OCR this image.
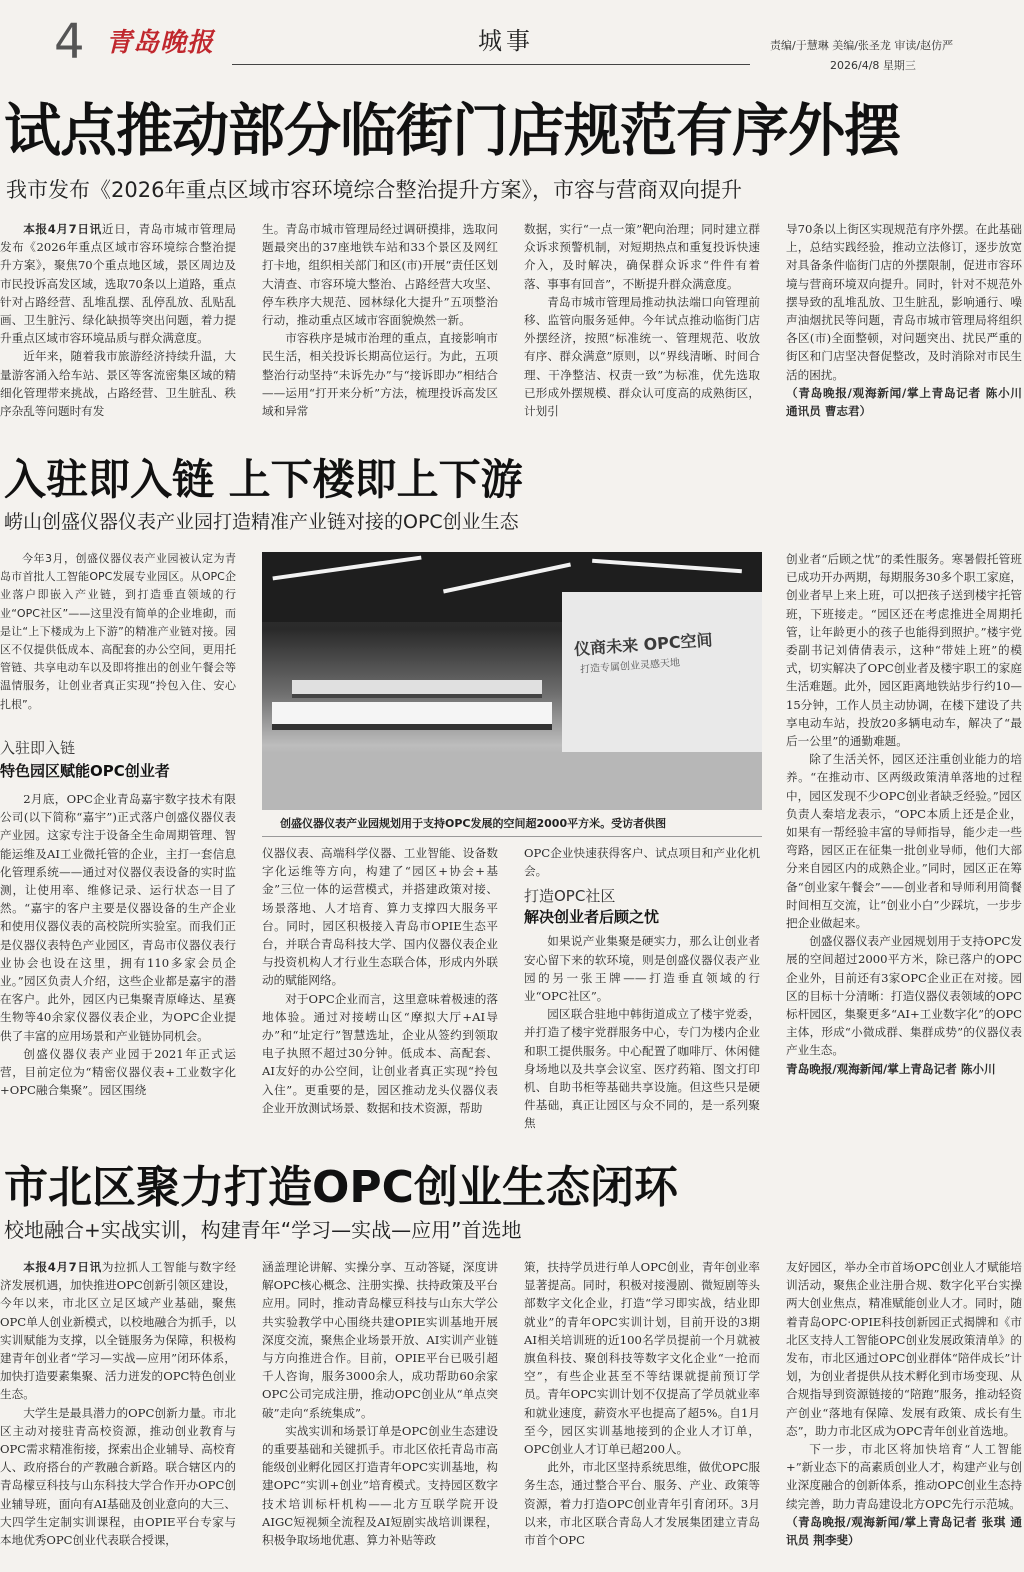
4 青岛晚报	城事	责编/于慧琳 美编/张圣龙 审读/赵仿严
2026/4/8 星期三
试点推动部分临街门店规范有序外摆
我市发布《2026年重点区域市容环境综合整治提升方案》，市容与营商双向提升

本报4月7日讯近日，青岛市城市管理局发布《2026年重点区域市容环境综合整治提升方案》，聚焦70个重点地区域，景区周边及市民投诉高发区域，选取70条以上道路，重点针对占路经营、乱堆乱摆、乱停乱放、乱贴乱画、卫生脏污、绿化缺损等突出问题，着力提升重点区域市容环境品质与群众满意度。

近年来，随着我市旅游经济持续升温，大量游客涌入给车站、景区等客流密集区域的精细化管理带来挑战，占路经营、卫生脏乱、秩序杂乱等问题时有发

生。青岛市城市管理局经过调研摸排，选取问题最突出的37座地铁车站和33个景区及网红打卡地，组织相关部门和区(市)开展“责任区划大清查、市容环境大整治、占路经营大攻坚、停车秩序大规范、园林绿化大提升”五项整治行动，推动重点区域市容面貌焕然一新。

市容秩序是城市治理的重点，直接影响市民生活，相关投诉长期高位运行。为此，五项整治行动坚持“未诉先办”与“接诉即办”相结合——运用“打开来分析”方法，梳理投诉高发区域和异常

数据，实行“一点一策”靶向治理；同时建立群众诉求预警机制，对短期热点和重复投诉快速介入，及时解决，确保群众诉求“件件有着落、事事有回音”，不断提升群众满意度。

青岛市城市管理局推动执法端口向管理前移、监管向服务延伸。今年试点推动临街门店外摆经济，按照“标准统一、管理规范、收放有序、群众满意”原则，以“界线清晰、时间合理、干净整洁、权责一致”为标准，优先选取已形成外摆规模、群众认可度高的成熟街区，计划引

导70条以上街区实现规范有序外摆。在此基础上，总结实践经验，推动立法修订，逐步放宽对具备条件临街门店的外摆限制，促进市容环境与营商环境双向提升。同时，针对不规范外摆导致的乱堆乱放、卫生脏乱，影响通行、噪声油烟扰民等问题，青岛市城市管理局将组织各区(市)全面整顿，对问题突出、扰民严重的街区和门店坚决督促整改，及时消除对市民生活的困扰。

（青岛晚报/观海新闻/掌上青岛记者 陈小川 通讯员 曹志君）

入驻即入链 上下楼即上下游
崂山创盛仪器仪表产业园打造精准产业链对接的OPC创业生态

今年3月，创盛仪器仪表产业园被认定为青岛市首批人工智能OPC发展专业园区。从OPC企业落户即嵌入产业链，到打造垂直领域的行业“OPC社区”——这里没有简单的企业堆砌，而是让“上下楼成为上下游”的精准产业链对接。园区不仅提供低成本、高配套的办公空间，更用托管链、共享电动车以及即将推出的创业午餐会等温情服务，让创业者真正实现“拎包入住、安心扎根”。

入驻即入链
特色园区赋能OPC创业者
仪商未来 OPC空间
打造专属创业灵感天地
创盛仪器仪表产业园规划用于支持OPC发展的空间超2000平方米。受访者供图

2月底，OPC企业青岛嘉宇数字技术有限公司(以下简称“嘉宇”)正式落户创盛仪器仪表产业园。这家专注于设备全生命周期管理、智能运维及AI工业微托管的企业，主打一套信息化管理系统——通过对仪器仪表设备的实时监测，让使用率、维修记录、运行状态一目了然。“嘉宇的客户主要是仪器设备的生产企业和使用仪器仪表的高校院所实验室。而我们正是仪器仪表特色产业园区，青岛市仪器仪表行业协会也设在这里，拥有110多家会员企业。”园区负责人介绍，这些企业都是嘉宇的潜在客户。此外，园区内已集聚青原峰达、星赛生物等40余家仪器仪表企业，为OPC企业提供了丰富的应用场景和产业链协同机会。

创盛仪器仪表产业园于2021年正式运营，目前定位为“精密仪器仪表+工业数字化+OPC融合集聚”。园区围绕

仪器仪表、高端科学仪器、工业智能、设备数字化运维等方向，构建了“园区+协会+基金”三位一体的运营模式，并搭建政策对接、场景落地、人才培育、算力支撑四大服务平台。同时，园区积极接入青岛市OPIE生态平台，并联合青岛科技大学、国内仪器仪表企业与投资机构人才行业生态联合体，形成内外联动的赋能网络。

对于OPC企业而言，这里意味着极速的落地体验。通过对接崂山区“摩拟大厅+AI导办”和“址定行”智慧选址，企业从签约到领取电子执照不超过30分钟。低成本、高配套、AI友好的办公空间，让创业者真正实现“拎包入住”。更重要的是，园区推动龙头仪器仪表企业开放测试场景、数据和技术资源，帮助

OPC企业快速获得客户、试点项目和产业化机会。

打造OPC社区

解决创业者后顾之忧

如果说产业集聚是硬实力，那么让创业者安心留下来的软环境，则是创盛仪器仪表产业园的另一张王牌——打造垂直领域的行业“OPC社区”。

园区联合驻地中韩街道成立了楼宇党委，并打造了楼宇党群服务中心，专门为楼内企业和职工提供服务。中心配置了咖啡厅、休闲健身场地以及共享会议室、医疗药箱、图文打印机、自助书柜等基础共享设施。但这些只是硬件基础，真正让园区与众不同的，是一系列聚焦

创业者“后顾之忧”的柔性服务。寒暑假托管班已成功开办两期，每期服务30多个职工家庭，创业者早上来上班，可以把孩子送到楼宇托管班，下班接走。“园区还在考虑推进全周期托管，让年龄更小的孩子也能得到照护。”楼宇党委副书记刘倩倩表示，这种“带娃上班”的模式，切实解决了OPC创业者及楼宇职工的家庭生活难题。此外，园区距离地铁站步行约10—15分钟，工作人员主动协调，在楼下建设了共享电动车站，投放20多辆电动车，解决了“最后一公里”的通勤难题。

除了生活关怀，园区还注重创业能力的培养。“在推动市、区两级政策清单落地的过程中，园区发现不少OPC创业者缺乏经验。”园区负责人秦培龙表示，“OPC本质上还是企业，如果有一帮经验丰富的导师指导，能少走一些弯路，园区正在征集一批创业导师，他们大部分来自园区内的成熟企业。”同时，园区正在筹备“创业家午餐会”——创业者和导师利用简餐时间相互交流，让“创业小白”少踩坑，一步步把企业做起来。

创盛仪器仪表产业园规划用于支持OPC发展的空间超过2000平方米，除已落户的OPC企业外，目前还有3家OPC企业正在对接。园区的目标十分清晰：打造仪器仪表领域的OPC标杆园区，集聚更多“AI+工业数字化”的OPC主体，形成“小微成群、集群成势”的仪器仪表产业生态。

青岛晚报/观海新闻/掌上青岛记者 陈小川

市北区聚力打造OPC创业生态闭环
校地融合+实战实训，构建青年“学习—实战—应用”首选地

本报4月7日讯为拉抓人工智能与数字经济发展机遇，加快推进OPC创新引领区建设，今年以来，市北区立足区域产业基础，聚焦OPC单人创业新模式，以校地融合为抓手，以实训赋能为支撑，以全链服务为保障，积极构建青年创业者“学习—实战—应用”闭环体系，加快打造要素集聚、活力迸发的OPC特色创业生态。

大学生是最具潜力的OPC创新力量。市北区主动对接驻青高校资源，推动创业教育与OPC需求精准衔接，探索出企业辅导、高校育人、政府搭台的产教融合新路。联合辖区内的青岛檬豆科技与山东科技大学合作开办OPC创业辅导班，面向有AI基础及创业意向的大三、大四学生定制实训课程，由OPIE平台专家与本地优秀OPC创业代表联合授课，

涵盖理论讲解、实操分享、互动答疑，深度讲解OPC核心概念、注册实操、扶持政策及平台应用。同时，推动青岛檬豆科技与山东大学公共实验教学中心围绕共建OPIE实训基地开展深度交流，聚焦企业场景开放、AI实训产业链与方向推进合作。目前，OPIE平台已吸引超千人咨询，服务3000余人，成功帮助60余家OPC公司完成注册，推动OPC创业从“单点突破”走向“系统集成”。

实战实训和场景订单是OPC创业生态建设的重要基础和关键抓手。市北区依托青岛市高能级创业孵化园区打造青年OPC实训基地，构建OPC“实训+创业”培育模式。支持园区数字技术培训标杆机构——北方互联学院开设AIGC短视频全流程及AI短剧实战培训课程，积极争取场地优惠、算力补贴等政

策，扶持学员进行单人OPC创业，青年创业率显著提高。同时，积极对接漫剧、微短剧等头部数字文化企业，打造“学习即实战，结业即就业”的青年OPC实训计划，目前开设的3期AI相关培训班的近100名学员提前一个月就被旗鱼科技、聚创科技等数字文化企业“一抢而空”，有些企业甚至不等结课就提前预订学员。青年OPC实训计划不仅提高了学员就业率和就业速度，薪资水平也提高了超5%。自1月至今，园区实训基地接到的企业人才订单，OPC创业人才订单已超200人。

此外，市北区坚持系统思维，做优OPC服务生态，通过整合平台、服务、产业、政策等资源，着力打造OPC创业青年引育闭环。3月以来，市北区联合青岛人才发展集团建立青岛市首个OPC

友好园区，举办全市首场OPC创业人才赋能培训活动，聚焦企业注册合规、数字化平台实操两大创业焦点，精准赋能创业人才。同时，随着青岛OPC·OPIE科技创新园正式揭牌和《市北区支持人工智能OPC创业发展政策清单》的发布，市北区通过OPC创业群体“陪伴成长”计划，为创业者提供从技术孵化到市场变现、从合规指导到资源链接的“陪跑”服务，推动轻资产创业“落地有保障、发展有政策、成长有生态”，助力市北区成为OPC青年创业首选地。

下一步，市北区将加快培育“人工智能+”新业态下的高素质创业人才，构建产业与创业深度融合的创新体系，推动OPC创业生态持续完善，助力青岛建设北方OPC先行示范城。

（青岛晚报/观海新闻/掌上青岛记者 张琪 通讯员 荆李斐）
